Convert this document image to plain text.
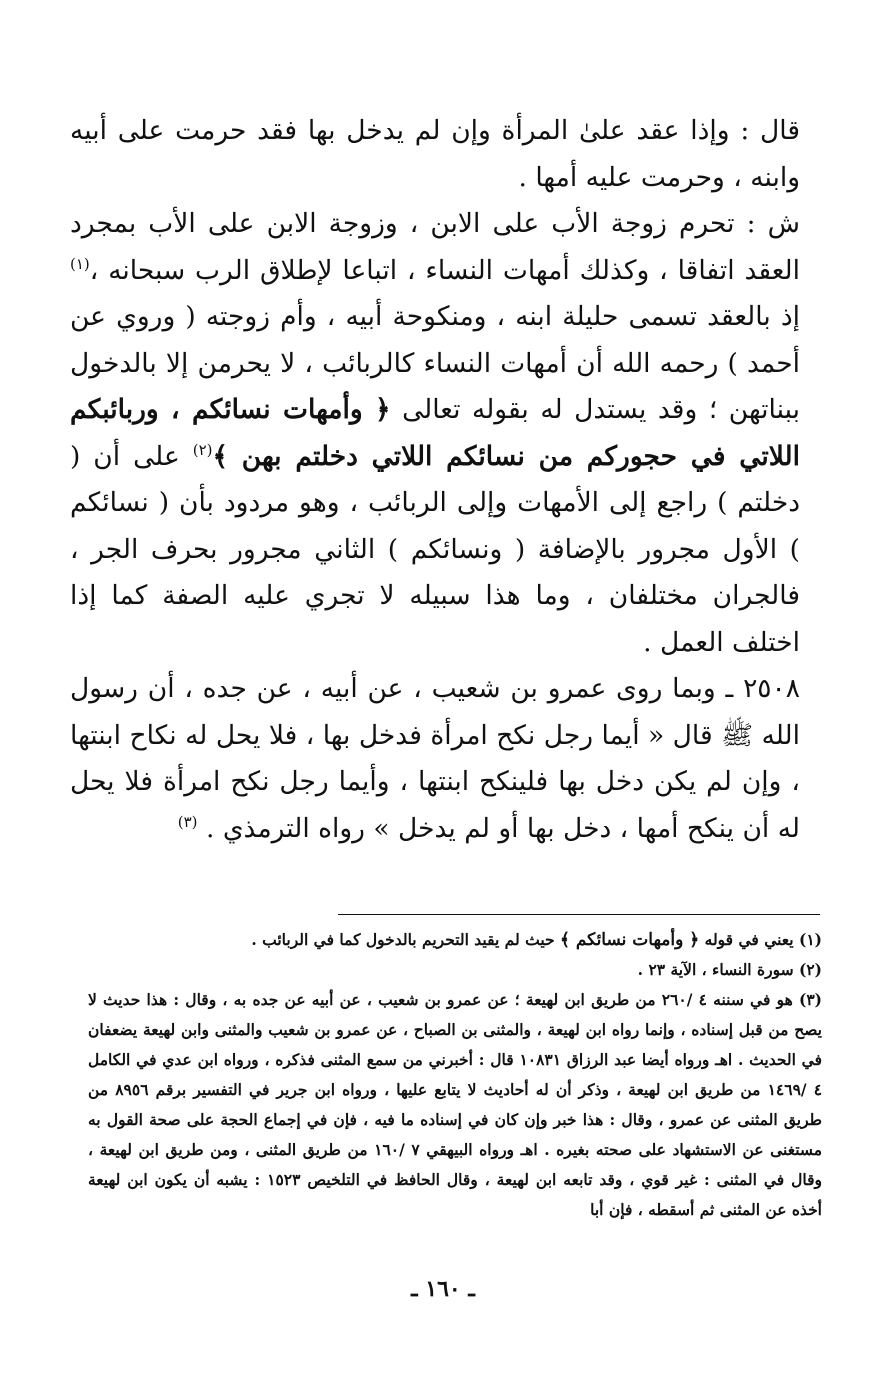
قال : وإذا عقد علىٰ المرأة وإن لم يدخل بها فقد حرمت على أبيه وابنه ، وحرمت عليه أمها .

ش : تحرم زوجة الأب على الابن ، وزوجة الابن على الأب بمجرد العقد اتفاقا ، وكذلك أمهات النساء ، اتباعا لإطلاق الرب سبحانه ،$^{(١)}$ إذ بالعقد تسمى حليلة ابنه ، ومنكوحة أبيه ، وأم زوجته ( وروي عن أحمد ) رحمه الله أن أمهات النساء كالربائب ، لا يحرمن إلا بالدخول ببناتهن ؛ وقد يستدل له بقوله تعالى ﴿ وأمهات نسائكم ، وربائبكم اللاتي في حجوركم من نسائكم اللاتي دخلتم بهن ﴾$^{(٢)}$ على أن ( دخلتم ) راجع إلى الأمهات وإلى الربائب ، وهو مردود بأن ( نسائكم ) الأول مجرور بالإضافة ( ونسائكم ) الثاني مجرور بحرف الجر ، فالجران مختلفان ، وما هذا سبيله لا تجري عليه الصفة كما إذا اختلف العمل .

٢٥٠٨ ـ وبما روى عمرو بن شعيب ، عن أبيه ، عن جده ، أن رسول الله ﷺ قال « أيما رجل نكح امرأة فدخل بها ، فلا يحل له نكاح ابنتها ، وإن لم يكن دخل بها فلينكح ابنتها ، وأيما رجل نكح امرأة فلا يحل له أن ينكح أمها ، دخل بها أو لم يدخل » رواه الترمذي . $^{(٣)}$

(١) يعني في قوله ﴿ وأمهات نسائكم ﴾ حيث لم يقيد التحريم بالدخول كما في الربائب .

(٢) سورة النساء ، الآية ٢٣ .

(٣) هو في سننه ٤ /٢٦٠ من طريق ابن لهيعة ؛ عن عمرو بن شعيب ، عن أبيه عن جده به ، وقال : هذا حديث لا يصح من قبل إسناده ، وإنما رواه ابن لهيعة ، والمثنى بن الصباح ، عن عمرو بن شعيب والمثنى وابن لهيعة يضعفان في الحديث . اهـ ورواه أيضا عبد الرزاق ١٠٨٣١ قال : أخبرني من سمع المثنى فذكره ، ورواه ابن عدي في الكامل ٤ /١٤٦٩ من طريق ابن لهيعة ، وذكر أن له أحاديث لا يتابع عليها ، ورواه ابن جرير في التفسير برقم ٨٩٥٦ من طريق المثنى عن عمرو ، وقال : هذا خبر وإن كان في إسناده ما فيه ، فإن في إجماع الحجة على صحة القول به مستغنى عن الاستشهاد على صحته بغيره . اهـ ورواه البيهقي ٧ /١٦٠ من طريق المثنى ، ومن طريق ابن لهيعة ، وقال في المثنى : غير قوي ، وقد تابعه ابن لهيعة ، وقال الحافظ في التلخيص ١٥٢٣ : يشبه أن يكون ابن لهيعة أخذه عن المثنى ثم أسقطه ، فإن أبا

ـ ١٦٠ ـ
